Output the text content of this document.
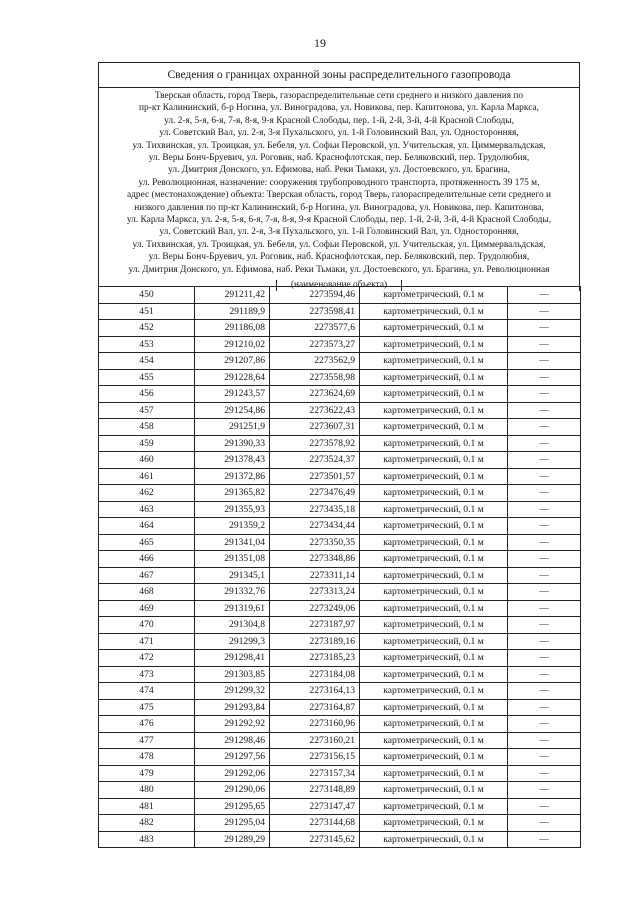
19
Сведения о границах охранной зоны распределительного газопровода
Тверская область, город Тверь, газораспределительные сети среднего и низкого давления по
пр-кт Калининский, б-р Ногина, ул. Виноградова, ул. Новикова, пер. Капитонова, ул. Карла Маркса,
ул. 2-я, 5-я, 6-я, 7-я, 8-я, 9-я Красной Слободы, пер. 1-й, 2-й, 3-й, 4-й Красной Слободы,
ул. Советский Вал, ул. 2-я, 3-я Пухальского, ул. 1-й Головинский Вал, ул. Односторонняя,
ул. Тихвинская, ул. Троицкая, ул. Бебеля, ул. Софьи Перовской, ул. Учительская, ул. Циммервальдская,
ул. Веры Бонч-Бруевич, ул. Роговик, наб. Краснофлотская, пер. Беляковский, пер. Трудолюбия,
ул. Дмитрия Донского, ул. Ефимова, наб. Реки Тьмаки, ул. Достоевского, ул. Брагина,
ул. Революционная, назначение: сооружения трубопроводного транспорта, протяженность 39 175 м,
адрес (местонахождение) объекта: Тверская область, город Тверь, газораспределительные сети среднего и
низкого давления по пр-кт Калининский, б-р Ногина, ул. Виноградова, ул. Новикова, пер. Капитонова,
ул. Карла Маркса, ул. 2-я, 5-я, 6-я, 7-я, 8-я, 9-я Красной Слободы, пер. 1-й, 2-й, 3-й, 4-й Красной Слободы,
ул. Советский Вал, ул. 2-я, 3-я Пухальского, ул. 1-й Головинский Вал, ул. Односторонняя,
ул. Тихвинская, ул. Троицкая, ул. Бебеля, ул. Софьи Перовской, ул. Учительская, ул. Циммервальдская,
ул. Веры Бонч-Бруевич, ул. Роговик, наб. Краснофлотская, пер. Беляковский, пер. Трудолюбия,
ул. Дмитрия Донского, ул. Ефимова, наб. Реки Тьмаки, ул. Достоевского, ул. Брагина, ул. Революционная
(наименование объекта)
450	291211,42	2273594,46	картометрический, 0.1 м	—
451	291189,9	2273598,41	картометрический, 0.1 м	—
452	291186,08	2273577,6	картометрический, 0.1 м	—
453	291210,02	2273573,27	картометрический, 0.1 м	—
454	291207,86	2273562,9	картометрический, 0.1 м	—
455	291228,64	2273558,98	картометрический, 0.1 м	—
456	291243,57	2273624,69	картометрический, 0.1 м	—
457	291254,86	2273622,43	картометрический, 0.1 м	—
458	291251,9	2273607,31	картометрический, 0.1 м	—
459	291390,33	2273578,92	картометрический, 0.1 м	—
460	291378,43	2273524,37	картометрический, 0.1 м	—
461	291372,86	2273501,57	картометрический, 0.1 м	—
462	291365,82	2273476,49	картометрический, 0.1 м	—
463	291355,93	2273435,18	картометрический, 0.1 м	—
464	291359,2	2273434,44	картометрический, 0.1 м	—
465	291341,04	2273350,35	картометрический, 0.1 м	—
466	291351,08	2273348,86	картометрический, 0.1 м	—
467	291345,1	2273311,14	картометрический, 0.1 м	—
468	291332,76	2273313,24	картометрический, 0.1 м	—
469	291319,61	2273249,06	картометрический, 0.1 м	—
470	291304,8	2273187,97	картометрический, 0.1 м	—
471	291299,3	2273189,16	картометрический, 0.1 м	—
472	291298,41	2273185,23	картометрический, 0.1 м	—
473	291303,85	2273184,08	картометрический, 0.1 м	—
474	291299,32	2273164,13	картометрический, 0.1 м	—
475	291293,84	2273164,87	картометрический, 0.1 м	—
476	291292,92	2273160,96	картометрический, 0.1 м	—
477	291298,46	2273160,21	картометрический, 0.1 м	—
478	291297,56	2273156,15	картометрический, 0.1 м	—
479	291292,06	2273157,34	картометрический, 0.1 м	—
480	291290,06	2273148,89	картометрический, 0.1 м	—
481	291295,65	2273147,47	картометрический, 0.1 м	—
482	291295,04	2273144,68	картометрический, 0.1 м	—
483	291289,29	2273145,62	картометрический, 0.1 м	—
